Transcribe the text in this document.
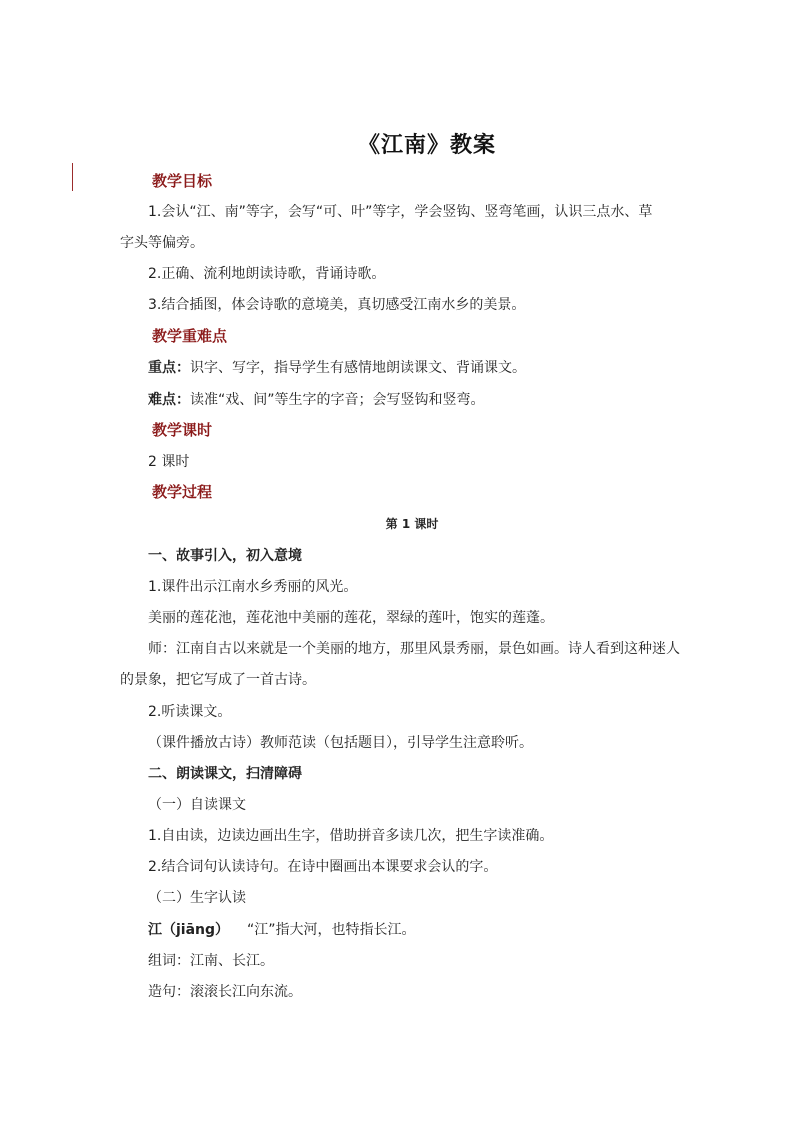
《江南》教案
教学目标
1.会认“江、南”等字，会写“可、叶”等字，学会竖钩、竖弯笔画，认识三点水、草
字头等偏旁。
2.正确、流利地朗读诗歌，背诵诗歌。
3.结合插图，体会诗歌的意境美，真切感受江南水乡的美景。
教学重难点
重点：识字、写字，指导学生有感情地朗读课文、背诵课文。
难点：读准“戏、间”等生字的字音；会写竖钩和竖弯。
教学课时
2 课时
教学过程
第 1 课时
一、故事引入，初入意境
1.课件出示江南水乡秀丽的风光。
美丽的莲花池，莲花池中美丽的莲花，翠绿的莲叶，饱实的莲蓬。
师：江南自古以来就是一个美丽的地方，那里风景秀丽，景色如画。诗人看到这种迷人
的景象，把它写成了一首古诗。
2.听读课文。
（课件播放古诗）教师范读（包括题目），引导学生注意聆听。
二、朗读课文，扫清障碍
（一）自读课文
1.自由读，边读边画出生字，借助拼音多读几次，把生字读准确。
2.结合词句认读诗句。在诗中圈画出本课要求会认的字。
（二）生字认读
江（jiāng） “江”指大河，也特指长江。
组词：江南、长江。
造句：滚滚长江向东流。
